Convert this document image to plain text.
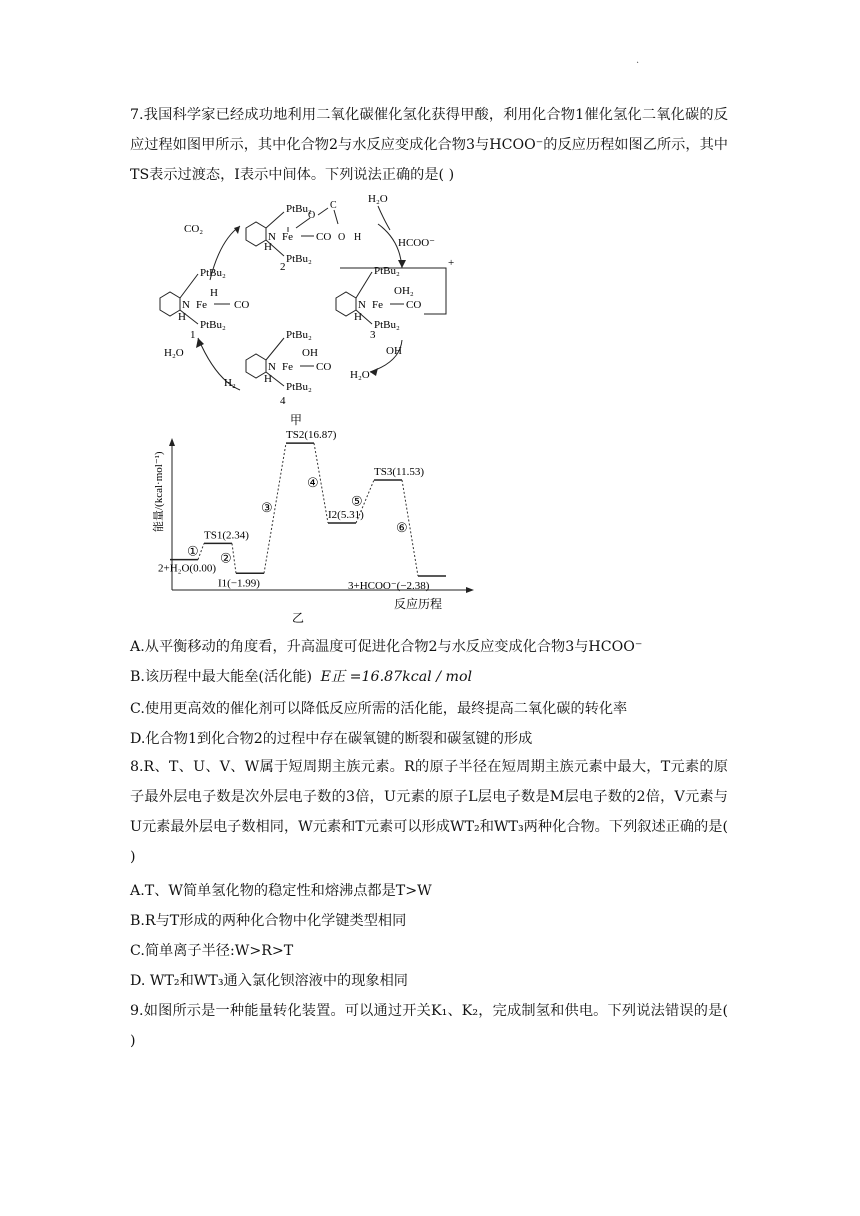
·
7.我国科学家已经成功地利用二氧化碳催化氢化获得甲酸，利用化合物1催化氢化二氧化碳的反应过程如图甲所示，其中化合物2与水反应变成化合物3与HCOO⁻的反应历程如图乙所示，其中TS表示过渡态，I表示中间体。下列说法正确的是( )
PtBu₂
N Fe
H
CO
O
C
O H
PtBu₂
2
PtBu₂
N Fe
H
CO
H
PtBu₂
1
PtBu₂
N Fe
OH₂
CO
H
PtBu₂
3
+
PtBu₂
N Fe
OH
CO
H
PtBu₂
4
CO₂
H₂O
HCOO⁻
OH
H₂O
H₂O
H₂
甲
能量/(kcal·mol⁻¹)
反应历程
2+H₂O(0.00)
TS1(2.34)
I1(−1.99)
TS2(16.87)
I2(5.31)
TS3(11.53)
3+HCOO⁻(−2.38)
① ②
③
④
⑤
⑥
乙
A.从平衡移动的角度看，升高温度可促进化合物2与水反应变成化合物3与HCOO⁻
B.该历程中最大能垒(活化能) E正 =16.87kcal / mol
C.使用更高效的催化剂可以降低反应所需的活化能，最终提高二氧化碳的转化率
D.化合物1到化合物2的过程中存在碳氧键的断裂和碳氢键的形成
8.R、T、U、V、W属于短周期主族元素。R的原子半径在短周期主族元素中最大，T元素的原子最外层电子数是次外层电子数的3倍，U元素的原子L层电子数是M层电子数的2倍，V元素与U元素最外层电子数相同，W元素和T元素可以形成WT₂和WT₃两种化合物。下列叙述正确的是( )
A.T、W简单氢化物的稳定性和熔沸点都是T>W
B.R与T形成的两种化合物中化学键类型相同
C.简单离子半径:W>R>T
D. WT₂和WT₃通入氯化钡溶液中的现象相同
9.如图所示是一种能量转化装置。可以通过开关K₁、K₂，完成制氢和供电。下列说法错误的是( )
